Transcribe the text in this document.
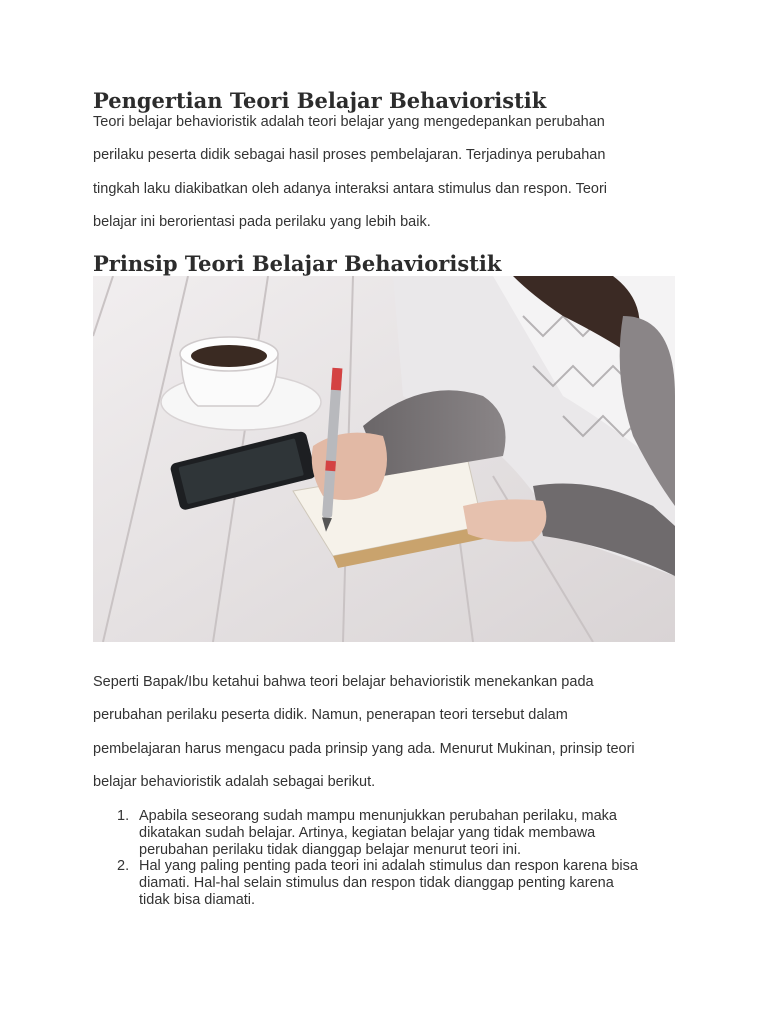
Pengertian Teori Belajar Behavioristik
Teori belajar behavioristik adalah teori belajar yang mengedepankan perubahan
perilaku peserta didik sebagai hasil proses pembelajaran. Terjadinya perubahan
tingkah laku diakibatkan oleh adanya interaksi antara stimulus dan respon. Teori
belajar ini berorientasi pada perilaku yang lebih baik.
Prinsip Teori Belajar Behavioristik
Seperti Bapak/Ibu ketahui bahwa teori belajar behavioristik menekankan pada
perubahan perilaku peserta didik. Namun, penerapan teori tersebut dalam
pembelajaran harus mengacu pada prinsip yang ada. Menurut Mukinan, prinsip teori
belajar behavioristik adalah sebagai berikut.
1. Apabila seseorang sudah mampu menunjukkan perubahan perilaku, maka
dikatakan sudah belajar. Artinya, kegiatan belajar yang tidak membawa
perubahan perilaku tidak dianggap belajar menurut teori ini.
2. Hal yang paling penting pada teori ini adalah stimulus dan respon karena bisa
diamati. Hal-hal selain stimulus dan respon tidak dianggap penting karena
tidak bisa diamati.
